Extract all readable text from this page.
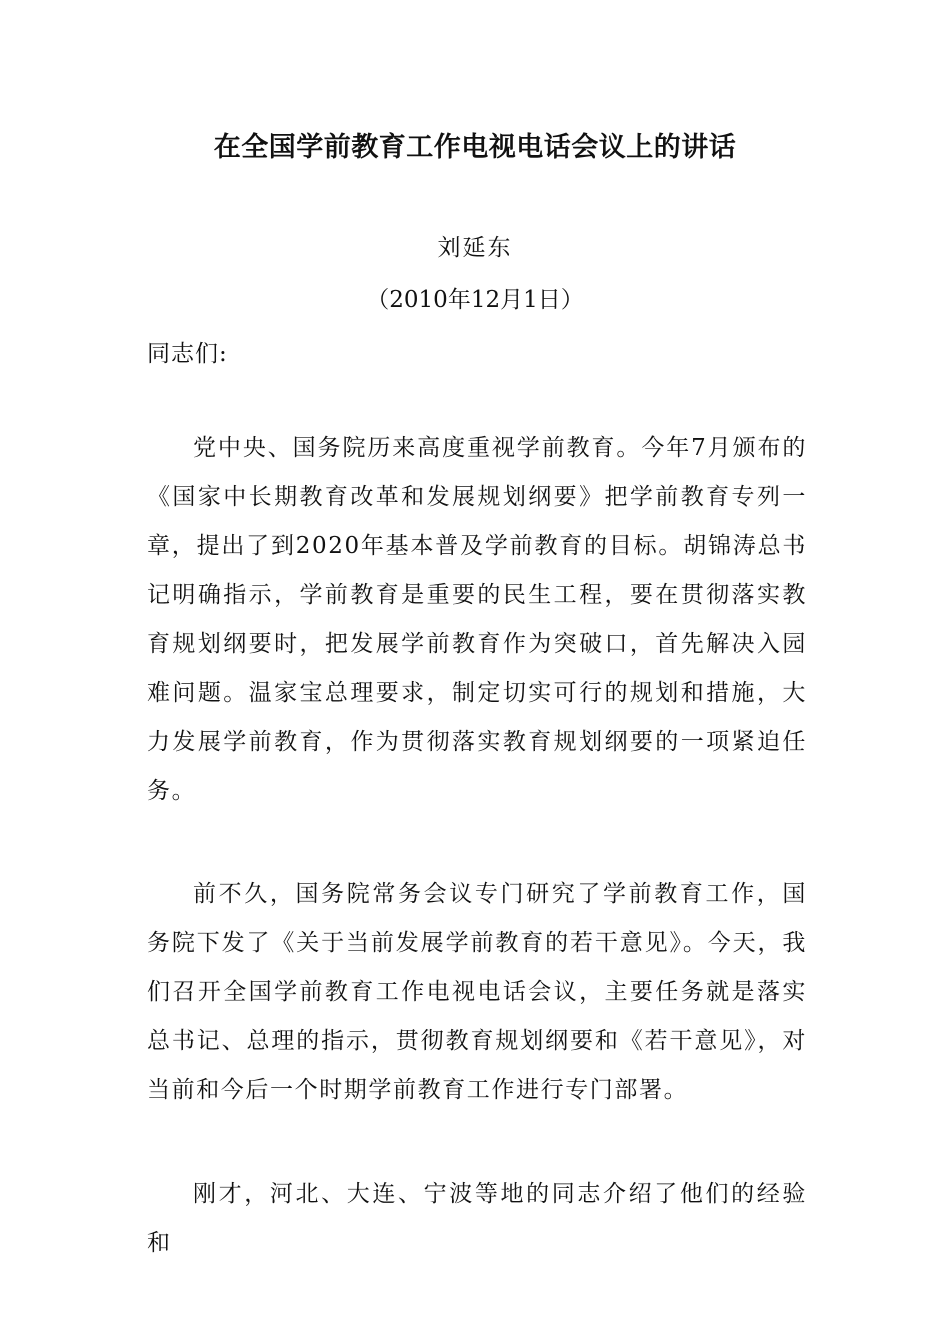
在全国学前教育工作电视电话会议上的讲话
刘延东
（2010年12月1日）
同志们:

党中央、国务院历来高度重视学前教育。今年7月颁布的《国家中长期教育改革和发展规划纲要》把学前教育专列一章，提出了到2020年基本普及学前教育的目标。胡锦涛总书记明确指示，学前教育是重要的民生工程，要在贯彻落实教育规划纲要时，把发展学前教育作为突破口，首先解决入园难问题。温家宝总理要求，制定切实可行的规划和措施，大力发展学前教育，作为贯彻落实教育规划纲要的一项紧迫任务。

前不久，国务院常务会议专门研究了学前教育工作，国务院下发了《关于当前发展学前教育的若干意见》。今天，我们召开全国学前教育工作电视电话会议，主要任务就是落实总书记、总理的指示，贯彻教育规划纲要和《若干意见》，对当前和今后一个时期学前教育工作进行专门部署。

刚才，河北、大连、宁波等地的同志介绍了他们的经验和
